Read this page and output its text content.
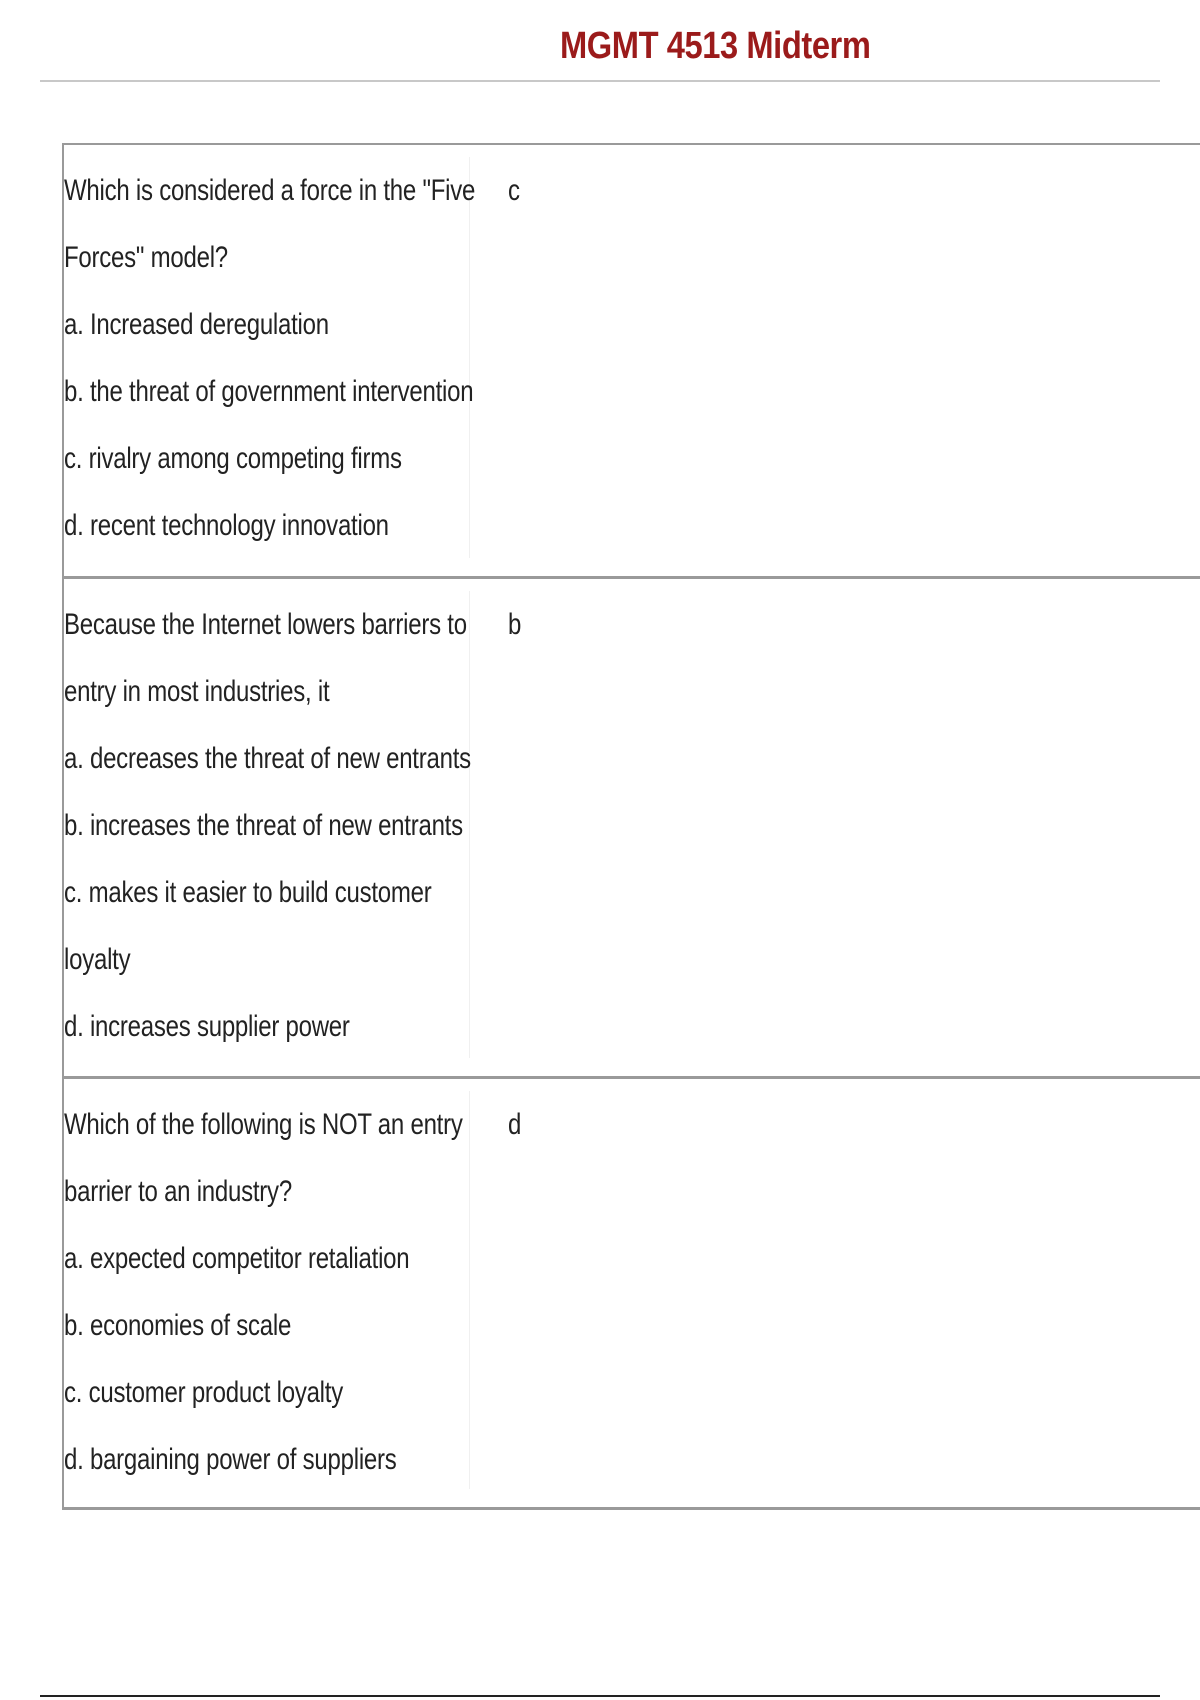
MGMT 4513 Midterm
Which is considered a force in the "Five
Forces" model?
a. Increased deregulation
b. the threat of government intervention
c. rivalry among competing firms
d. recent technology innovation
c
Because the Internet lowers barriers to
entry in most industries, it
a. decreases the threat of new entrants
b. increases the threat of new entrants
c. makes it easier to build customer
loyalty
d. increases supplier power
b
Which of the following is NOT an entry
barrier to an industry?
a. expected competitor retaliation
b. economies of scale
c. customer product loyalty
d. bargaining power of suppliers
d
